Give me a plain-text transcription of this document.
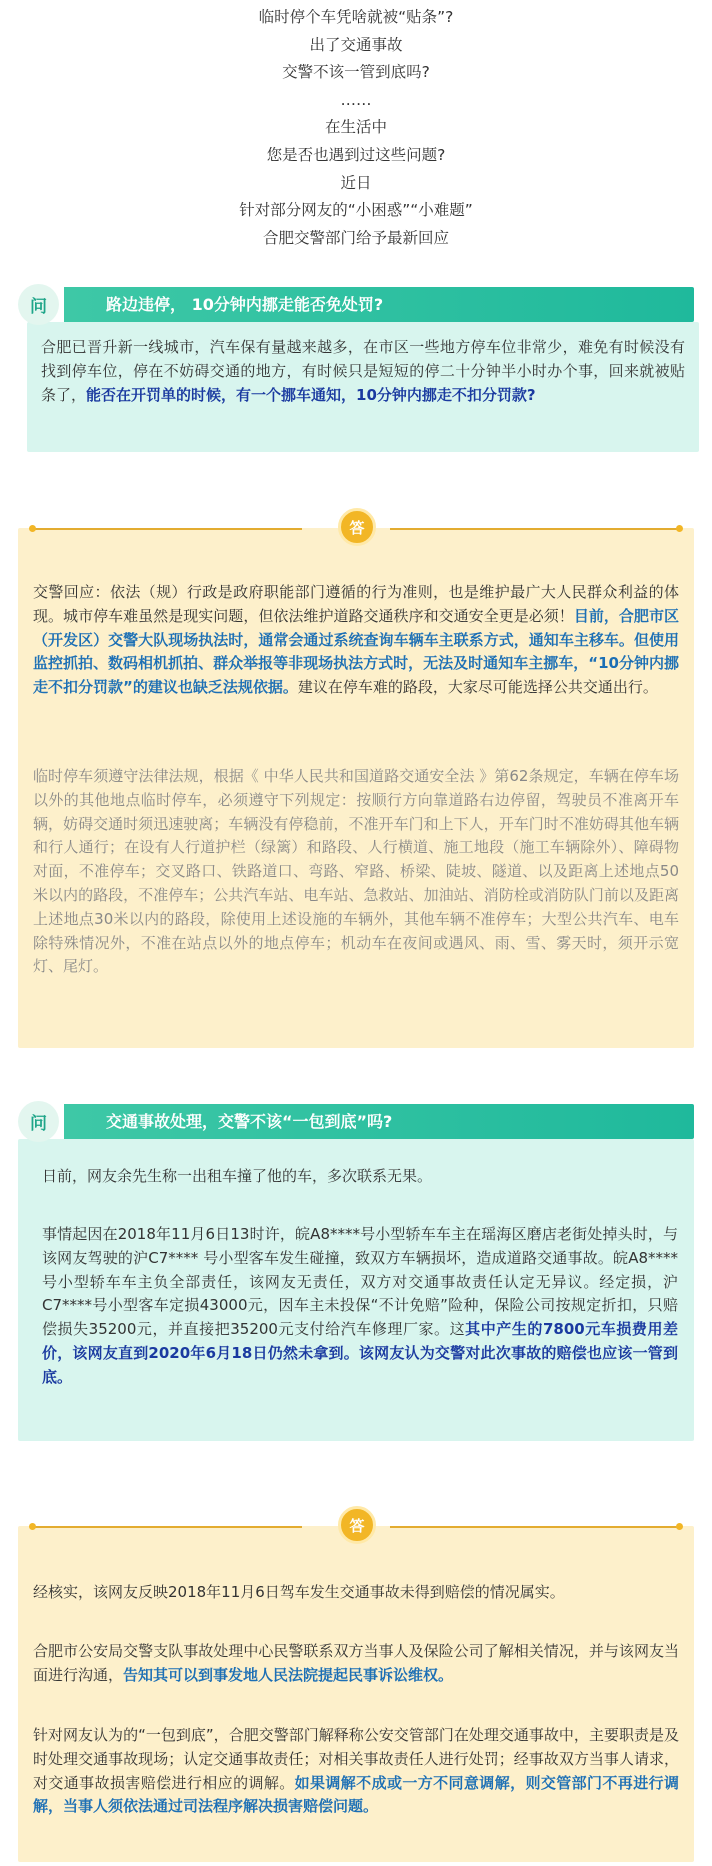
临时停个车凭啥就被“贴条”?
出了交通事故
交警不该一管到底吗?
……
在生活中
您是否也遇到过这些问题?
近日
针对部分网友的“小困惑”“小难题”
合肥交警部门给予最新回应
问	路边违停， 10分钟内挪走能否免处罚?
合肥已晋升新一线城市，汽车保有量越来越多，在市区一些地方停车位非常少，难免有时候没有找到停车位，停在不妨碍交通的地方，有时候只是短短的停二十分钟半小时办个事，回来就被贴条了，能否在开罚单的时候，有一个挪车通知，10分钟内挪走不扣分罚款?
答
交警回应：依法（规）行政是政府职能部门遵循的行为准则，也是维护最广大人民群众利益的体现。城市停车难虽然是现实问题，但依法维护道路交通秩序和交通安全更是必须！目前，合肥市区（开发区）交警大队现场执法时，通常会通过系统查询车辆车主联系方式，通知车主移车。但使用监控抓拍、数码相机抓拍、群众举报等非现场执法方式时，无法及时通知车主挪车，“10分钟内挪走不扣分罚款”的建议也缺乏法规依据。建议在停车难的路段，大家尽可能选择公共交通出行。
临时停车须遵守法律法规，根据《 中华人民共和国道路交通安全法 》第62条规定，车辆在停车场以外的其他地点临时停车，必须遵守下列规定：按顺行方向靠道路右边停留，驾驶员不准离开车辆，妨碍交通时须迅速驶离；车辆没有停稳前，不准开车门和上下人，开车门时不准妨碍其他车辆和行人通行；在设有人行道护栏（绿篱）和路段、人行横道、施工地段（施工车辆除外）、障碍物对面，不准停车；交叉路口、铁路道口、弯路、窄路、桥梁、陡坡、隧道、以及距离上述地点50米以内的路段，不准停车；公共汽车站、电车站、急救站、加油站、消防栓或消防队门前以及距离上述地点30米以内的路段，除使用上述设施的车辆外，其他车辆不准停车；大型公共汽车、电车除特殊情况外，不准在站点以外的地点停车；机动车在夜间或遇风、雨、雪、雾天时，须开示宽灯、尾灯。
问	交通事故处理，交警不该“一包到底”吗?
日前，网友余先生称一出租车撞了他的车，多次联系无果。
事情起因在2018年11月6日13时许，皖A8****号小型轿车车主在瑶海区磨店老街处掉头时，与该网友驾驶的沪C7**** 号小型客车发生碰撞，致双方车辆损坏，造成道路交通事故。皖A8****号小型轿车车主负全部责任，该网友无责任，双方对交通事故责任认定无异议。经定损，沪C7****号小型客车定损43000元，因车主未投保“不计免赔”险种，保险公司按规定折扣，只赔偿损失35200元，并直接把35200元支付给汽车修理厂家。这其中产生的7800元车损费用差价，该网友直到2020年6月18日仍然未拿到。该网友认为交警对此次事故的赔偿也应该一管到底。
答
经核实，该网友反映2018年11月6日驾车发生交通事故未得到赔偿的情况属实。
合肥市公安局交警支队事故处理中心民警联系双方当事人及保险公司了解相关情况，并与该网友当面进行沟通，告知其可以到事发地人民法院提起民事诉讼维权。
针对网友认为的“一包到底”，合肥交警部门解释称公安交管部门在处理交通事故中，主要职责是及时处理交通事故现场；认定交通事故责任；对相关事故责任人进行处罚；经事故双方当事人请求，对交通事故损害赔偿进行相应的调解。如果调解不成或一方不同意调解，则交管部门不再进行调解，当事人须依法通过司法程序解决损害赔偿问题。
